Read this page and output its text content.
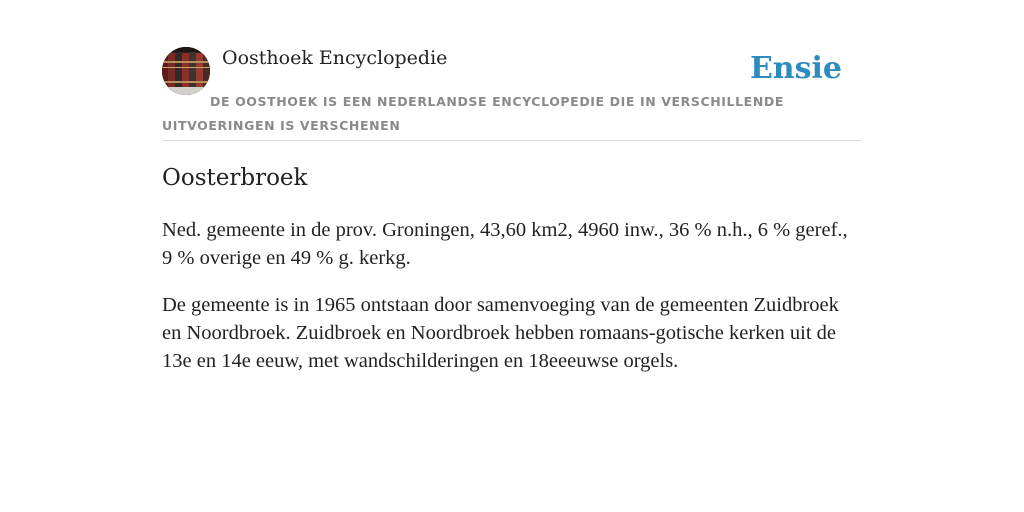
Oosthoek Encyclopedie	Ensie
DE OOSTHOEK IS EEN NEDERLANDSE ENCYCLOPEDIE DIE IN VERSCHILLENDE UITVOERINGEN IS VERSCHENEN
Oosterbroek

Ned. gemeente in de prov. Groningen, 43,60 km2, 4960 inw., 36 % n.h., 6 % geref., 9 % overige en 49 % g. kerkg.

De gemeente is in 1965 ontstaan door samenvoeging van de gemeenten Zuidbroek en Noordbroek. Zuidbroek en Noordbroek hebben romaans-gotische kerken uit de 13e en 14e eeuw, met wandschilderingen en 18eeeuwse orgels.
